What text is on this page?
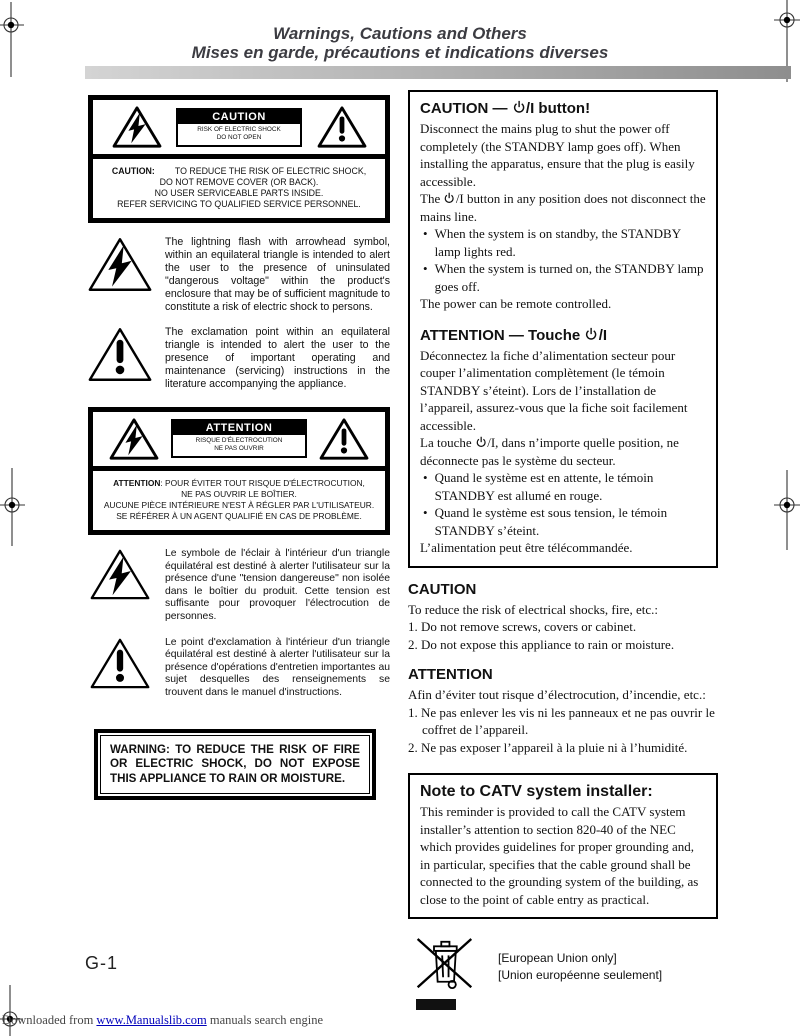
Warnings, Cautions and Others
Mises en garde, précautions et indications diverses
CAUTION
RISK OF ELECTRIC SHOCK
DO NOT OPEN
CAUTION: TO REDUCE THE RISK OF ELECTRIC SHOCK,
DO NOT REMOVE COVER (OR BACK).
NO USER SERVICEABLE PARTS INSIDE.
REFER SERVICING TO QUALIFIED SERVICE PERSONNEL.

The lightning flash with arrowhead symbol, within an equilateral triangle is intended to alert the user to the presence of uninsulated "dangerous voltage" within the product's enclosure that may be of sufficient magnitude to constitute a risk of electric shock to persons.

The exclamation point within an equilateral triangle is intended to alert the user to the presence of important operating and maintenance (servicing) instructions in the literature accompanying the appliance.

ATTENTION
RISQUE D'ÉLECTROCUTION
NE PAS OUVRIR
ATTENTION: POUR ÉVITER TOUT RISQUE D'ÉLECTROCUTION,
NE PAS OUVRIR LE BOÎTIER.
AUCUNE PIÈCE INTÉRIEURE N'EST À RÉGLER PAR L'UTILISATEUR.
SE RÉFÉRER À UN AGENT QUALIFIÉ EN CAS DE PROBLÈME.

Le symbole de l'éclair à l'intérieur d'un triangle équilatéral est destiné à alerter l'utilisateur sur la présence d'une "tension dangereuse" non isolée dans le boîtier du produit. Cette tension est suffisante pour provoquer l'électrocution de personnes.

Le point d'exclamation à l'intérieur d'un triangle équilatéral est destiné à alerter l'utilisateur sur la présence d'opérations d'entretien importantes au sujet desquelles des renseignements se trouvent dans le manuel d'instructions.

WARNING: TO REDUCE THE RISK OF FIRE OR ELECTRIC SHOCK, DO NOT EXPOSE THIS APPLIANCE TO RAIN OR MOISTURE.

CAUTION — /I button!

Disconnect the mains plug to shut the power off completely (the STANDBY lamp goes off). When installing the apparatus, ensure that the plug is easily accessible.

The /I button in any position does not disconnect the mains line.

• When the system is on standby, the STANDBY lamp lights red.
• When the system is turned on, the STANDBY lamp goes off.

The power can be remote controlled.

ATTENTION — Touche /I

Déconnectez la fiche d’alimentation secteur pour couper l’alimentation complètement (le témoin STANDBY s’éteint). Lors de l’installation de l’appareil, assurez-vous que la fiche soit facilement accessible.

La touche /I, dans n’importe quelle position, ne déconnecte pas le système du secteur.

• Quand le système est en attente, le témoin STANDBY est allumé en rouge.
• Quand le système est sous tension, le témoin STANDBY s’éteint.

L’alimentation peut être télécommandée.

CAUTION

To reduce the risk of electrical shocks, fire, etc.:

1. Do not remove screws, covers or cabinet.

2. Do not expose this appliance to rain or moisture.

ATTENTION

Afin d’éviter tout risque d’électrocution, d’incendie, etc.:

1. Ne pas enlever les vis ni les panneaux et ne pas ouvrir le coffret de l’appareil.

2. Ne pas exposer l’appareil à la pluie ni à l’humidité.

Note to CATV system installer:

This reminder is provided to call the CATV system installer’s attention to section 820-40 of the NEC which provides guidelines for proper grounding and, in particular, specifies that the cable ground shall be connected to the grounding system of the building, as close to the point of cable entry as practical.

[European Union only]
[Union européenne seulement]
G-1
Downloaded from www.Manualslib.com manuals search engine
